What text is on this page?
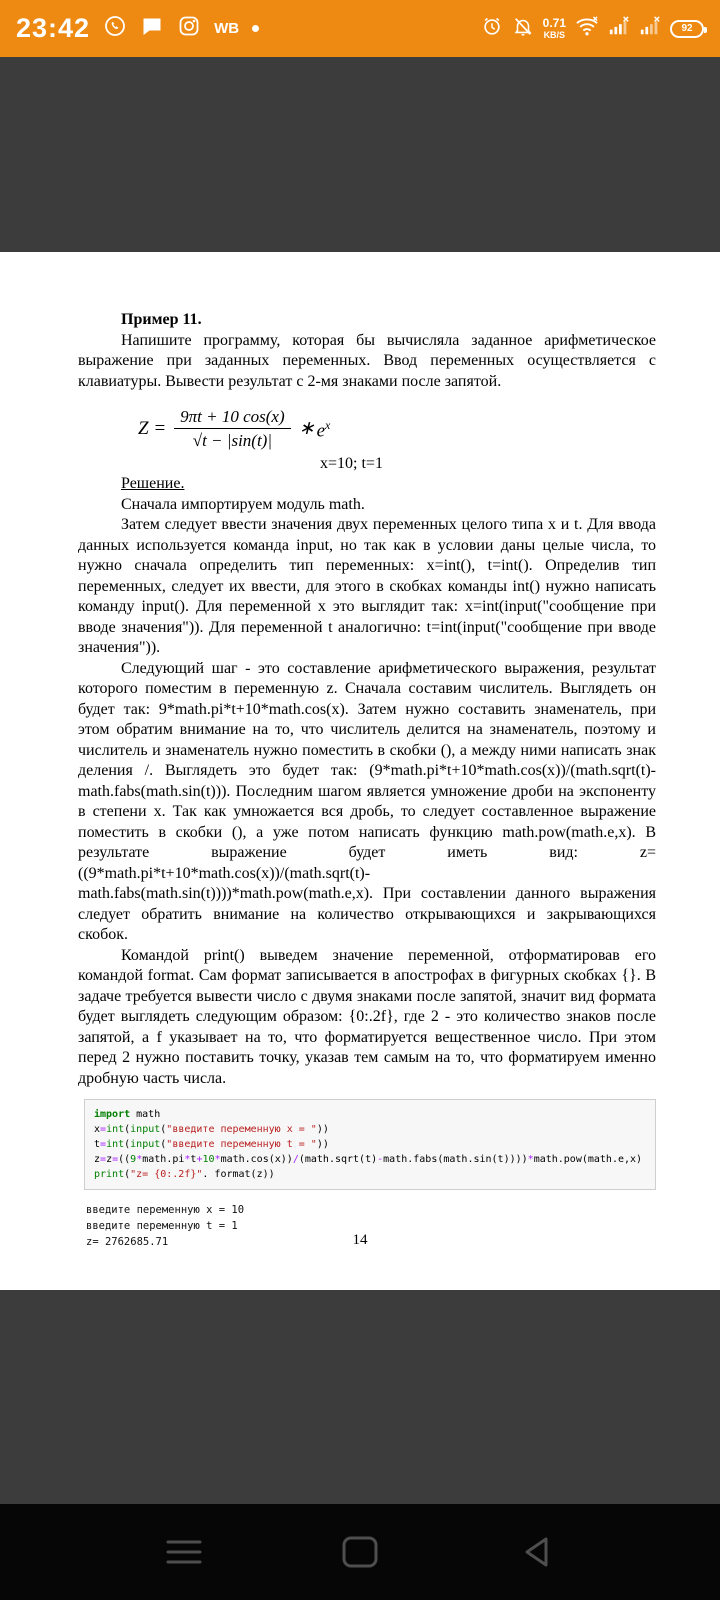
23:42	WB	0.71
KB/S
92
Пример 11.
Напишите программу, которая бы вычисляла заданное арифметическое выражение при заданных переменных. Ввод переменных осуществляется с клавиатуры. Вывести результат с 2-мя знаками после запятой.
$Z = \frac{9\pi t + 10 \cos(x)}{√t - |\sin(t)|}$ ∗ $e^x$
x=10; t=1
Решение.
Сначала импортируем модуль math.
Затем следует ввести значения двух переменных целого типа x и t. Для ввода данных используется команда input, но так как в условии даны целые числа, то нужно сначала определить тип переменных: x=int(), t=int(). Определив тип переменных, следует их ввести, для этого в скобках команды int() нужно написать команду input(). Для переменной x это выглядит так: x=int(input("сообщение при вводе значения")). Для переменной t аналогично: t=int(input("сообщение при вводе значения")).
Следующий шаг - это составление арифметического выражения, результат которого поместим в переменную z. Сначала составим числитель. Выглядеть он будет так: 9*math.pi*t+10*math.cos(x). Затем нужно составить знаменатель, при этом обратим внимание на то, что числитель делится на знаменатель, поэтому и числитель и знаменатель нужно поместить в скобки (), а между ними написать знак деления /. Выглядеть это будет так: (9*math.pi*t+10*math.cos(x))/(math.sqrt(t)-math.fabs(math.sin(t))). Последним шагом является умножение дроби на экспоненту в степени x. Так как умножается вся дробь, то следует составленное выражение поместить в скобки (), а уже потом написать функцию math.pow(math.e,x). В результате выражение будет иметь вид: z=((9*math.pi*t+10*math.cos(x))/(math.sqrt(t)-math.fabs(math.sin(t))))*math.pow(math.e,x). При составлении данного выражения следует обратить внимание на количество открывающихся и закрывающихся скобок.
Командой print() выведем значение переменной, отформатировав его командой format. Сам формат записывается в апострофах в фигурных скобках {}. В задаче требуется вывести число с двумя знаками после запятой, значит вид формата будет выглядеть следующим образом: {0:.2f}, где 2 - это количество знаков после запятой, а f указывает на то, что форматируется вещественное число. При этом перед 2 нужно поставить точку, указав тем самым на то, что форматируем именно дробную часть числа.
import math
x=int(input("введите переменную x = "))
t=int(input("введите переменную t = "))
z=z=((9*math.pi*t+10*math.cos(x))/(math.sqrt(t)-math.fabs(math.sin(t))))*math.pow(math.e,x)
print("z= {0:.2f}". format(z))
введите переменную x = 10
введите переменную t = 1
z= 2762685.71	14
